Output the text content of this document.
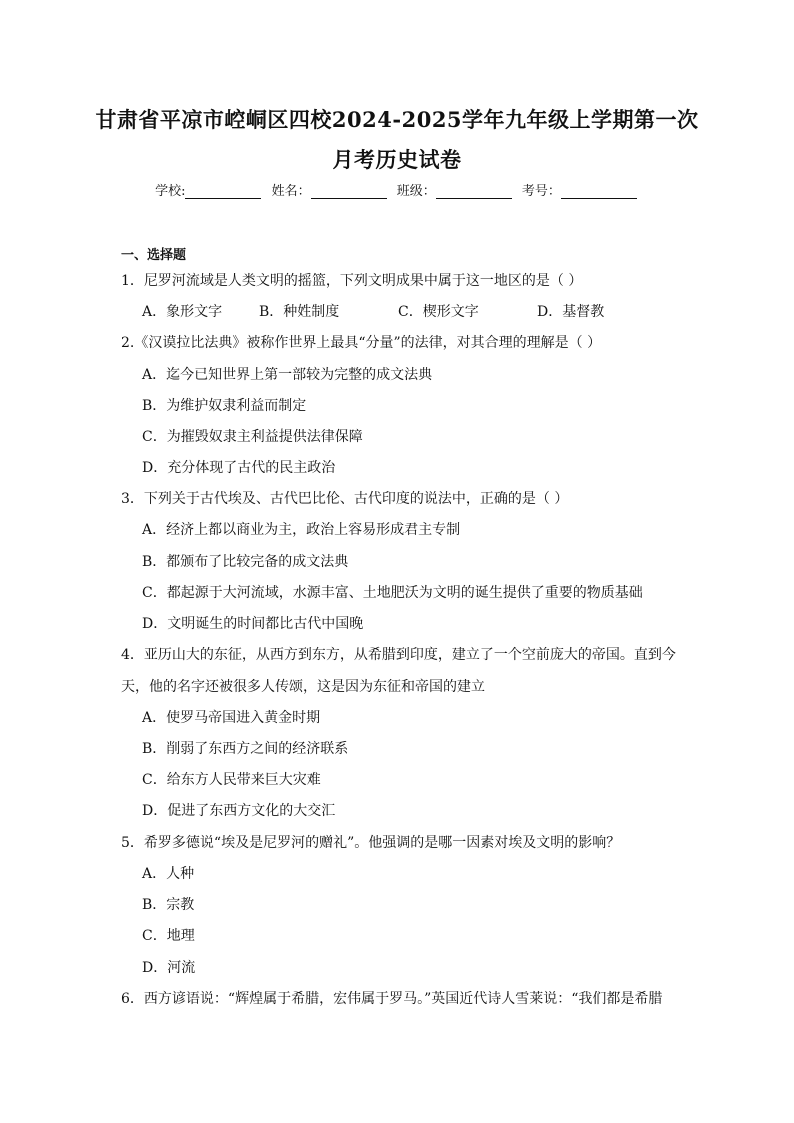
甘肃省平凉市崆峒区四校2024-2025学年九年级上学期第一次
月考历史试卷
学校:	姓名：	班级：	考号：
一、选择题
1．尼罗河流域是人类文明的摇篮，下列文明成果中属于这一地区的是（ ）
A．象形文字	B．种姓制度	C．楔形文字	D．基督教
2.《汉谟拉比法典》被称作世界上最具“分量”的法律，对其合理的理解是（ ）
A．迄今已知世界上第一部较为完整的成文法典
B．为维护奴隶利益而制定
C．为摧毁奴隶主利益提供法律保障
D．充分体现了古代的民主政治
3．下列关于古代埃及、古代巴比伦、古代印度的说法中，正确的是（ ）
A．经济上都以商业为主，政治上容易形成君主专制
B．都颁布了比较完备的成文法典
C．都起源于大河流域，水源丰富、土地肥沃为文明的诞生提供了重要的物质基础
D．文明诞生的时间都比古代中国晚
4．亚历山大的东征，从西方到东方，从希腊到印度，建立了一个空前庞大的帝国。直到今
天，他的名字还被很多人传颂，这是因为东征和帝国的建立
A．使罗马帝国进入黄金时期
B．削弱了东西方之间的经济联系
C．给东方人民带来巨大灾难
D．促进了东西方文化的大交汇
5．希罗多德说“埃及是尼罗河的赠礼”。他强调的是哪一因素对埃及文明的影响？
A．人种
B．宗教
C．地理
D．河流
6．西方谚语说：“辉煌属于希腊，宏伟属于罗马。”英国近代诗人雪莱说：“我们都是希腊
